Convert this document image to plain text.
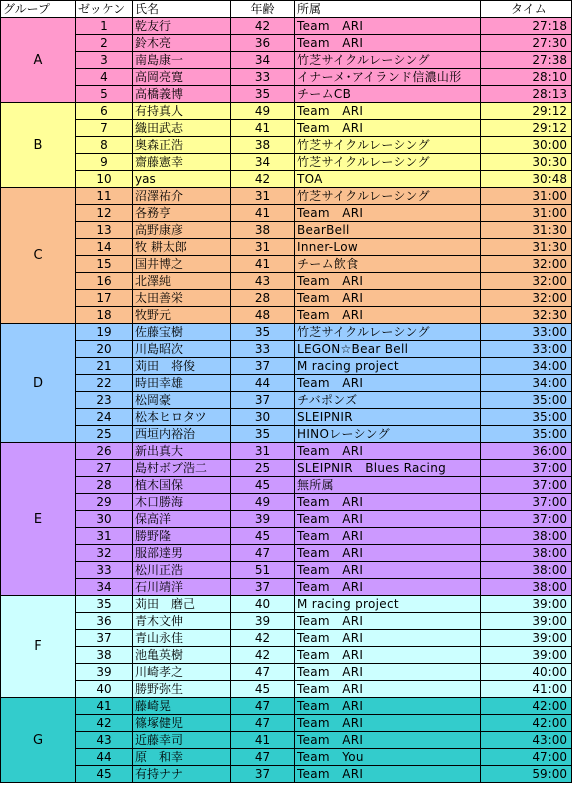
グループ	ゼッケン	氏名	年齢	所属	タイム
A	1	乾友行	42	Team　ARI	27:18
	2	鈴木亮	36	Team　ARI	27:30
	3	南島康一	34	竹芝サイクルレーシング	27:38
	4	高岡亮寛	33	イナーメ･アイランド信濃山形	28:10
	5	高橋義博	35	チームCB	28:13
B	6	有持真人	49	Team　ARI	29:12
	7	織田武志	41	Team　ARI	29:12
	8	奥森正浩	38	竹芝サイクルレーシング	30:00
	9	齋藤憲幸	34	竹芝サイクルレーシング	30:30
	10	yas	42	TOA	30:48
C	11	沼澤祐介	31	竹芝サイクルレーシング	31:00
	12	各務亨	41	Team　ARI	31:00
	13	高野康彦	38	BearBell	31:30
	14	牧 耕太郎	31	Inner-Low	31:30
	15	国井博之	41	チーム飲食	32:00
	16	北澤純	43	Team　ARI	32:00
	17	太田善栄	28	Team　ARI	32:00
	18	牧野元	48	Team　ARI	32:30
D	19	佐藤宝樹	35	竹芝サイクルレーシング	33:00
	20	川島昭次	33	LEGON☆Bear Bell	33:00
	21	苅田　将俊	37	M racing project	34:00
	22	時田幸雄	44	Team　ARI	34:00
	23	松岡豪	37	チバポンズ	35:00
	24	松本ヒロタツ	30	SLEIPNIR	35:00
	25	西垣内裕治	35	HINOレーシング	35:00
E	26	新出真大	31	Team　ARI	36:00
	27	島村ボブ浩二	25	SLEIPNIR　Blues Racing	37:00
	28	植木国保	45	無所属	37:00
	29	木口勝海	49	Team　ARI	37:00
	30	保高洋	39	Team　ARI	37:00
	31	勝野隆	45	Team　ARI	38:00
	32	服部達男	47	Team　ARI	38:00
	33	松川正浩	51	Team　ARI	38:00
	34	石川靖洋	37	Team　ARI	38:00
F	35	苅田　磨己	40	M racing project	39:00
	36	青木文伸	39	Team　ARI	39:00
	37	青山永佳	42	Team　ARI	39:00
	38	池亀英樹	42	Team　ARI	39:00
	39	川崎孝之	47	Team　ARI	40:00
	40	勝野弥生	45	Team　ARI	41:00
G	41	藤崎晃	47	Team　ARI	42:00
	42	篠塚健児	47	Team　ARI	42:00
	43	近藤幸司	41	Team　ARI	43:00
	44	原　和幸	47	Team　You	47:00
	45	有持ナナ	37	Team　ARI	59:00
